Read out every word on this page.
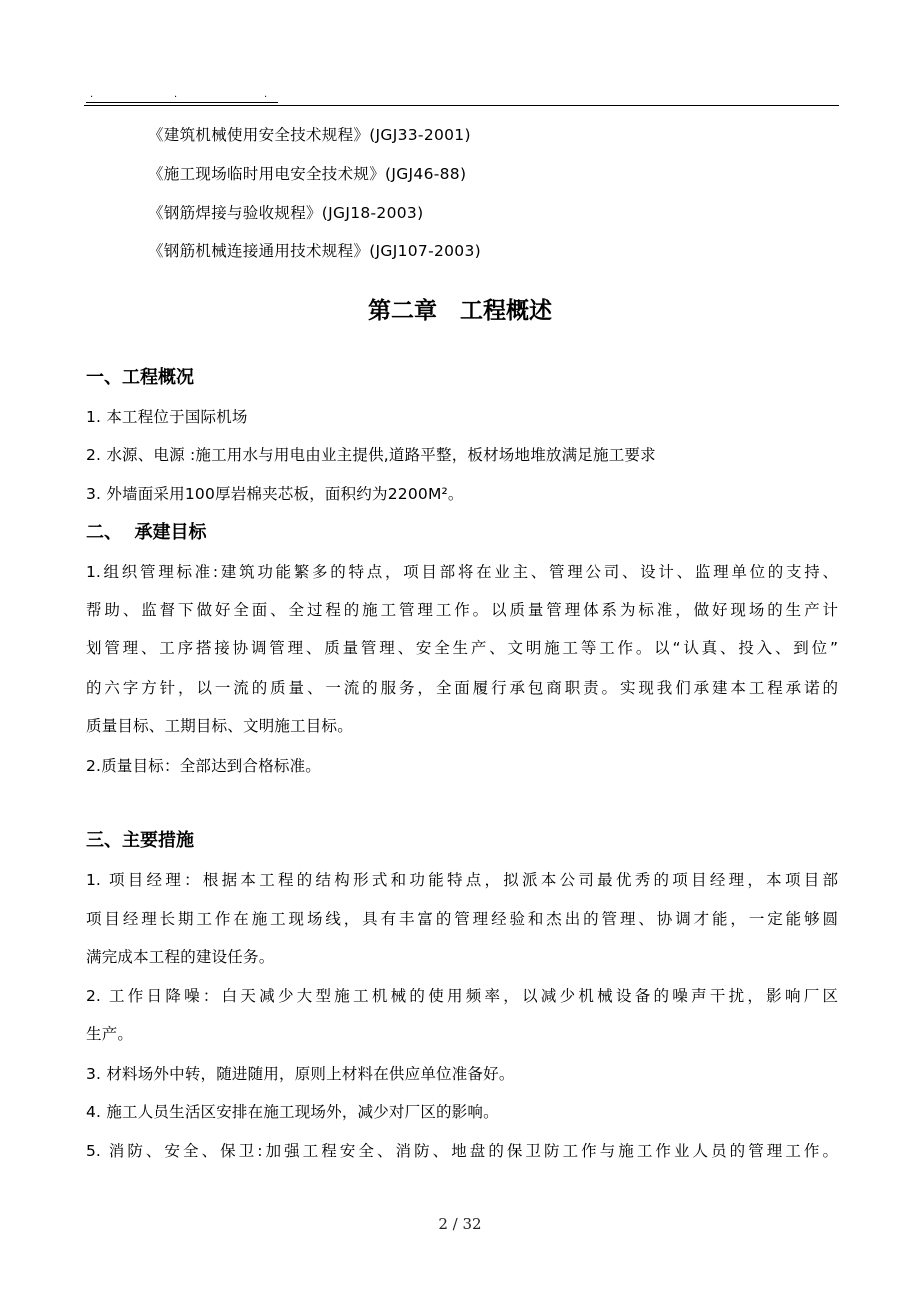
.	.	.
《建筑机械使用安全技术规程》(JGJ33-2001)
《施工现场临时用电安全技术规》(JGJ46-88)
《钢筋焊接与验收规程》(JGJ18-2003)
《钢筋机械连接通用技术规程》(JGJ107-2003)
第二章　工程概述
一、工程概况
1. 本工程位于国际机场
2. 水源、电源 :施工用水与用电由业主提供,道路平整，板材场地堆放满足施工要求
3. 外墙面采用100厚岩棉夹芯板，面积约为2200M²。
二、  承建目标
1.组织管理标准:建筑功能繁多的特点，项目部将在业主、管理公司、设计、监理单位的支持、
帮助、监督下做好全面、全过程的施工管理工作。以质量管理体系为标准，做好现场的生产计
划管理、工序搭接协调管理、质量管理、安全生产、文明施工等工作。以“认真、投入、到位”
的六字方针，以一流的质量、一流的服务，全面履行承包商职责。实现我们承建本工程承诺的
质量目标、工期目标、文明施工目标。
2.质量目标：全部达到合格标准。
三、主要措施
1. 项目经理：根据本工程的结构形式和功能特点，拟派本公司最优秀的项目经理，本项目部
项目经理长期工作在施工现场线，具有丰富的管理经验和杰出的管理、协调才能，一定能够圆
满完成本工程的建设任务。
2. 工作日降噪：白天减少大型施工机械的使用频率，以减少机械设备的噪声干扰，影响厂区
生产。
3. 材料场外中转，随进随用，原则上材料在供应单位准备好。
4. 施工人员生活区安排在施工现场外，减少对厂区的影响。
5. 消防、安全、保卫:加强工程安全、消防、地盘的保卫防工作与施工作业人员的管理工作。
2 / 32
